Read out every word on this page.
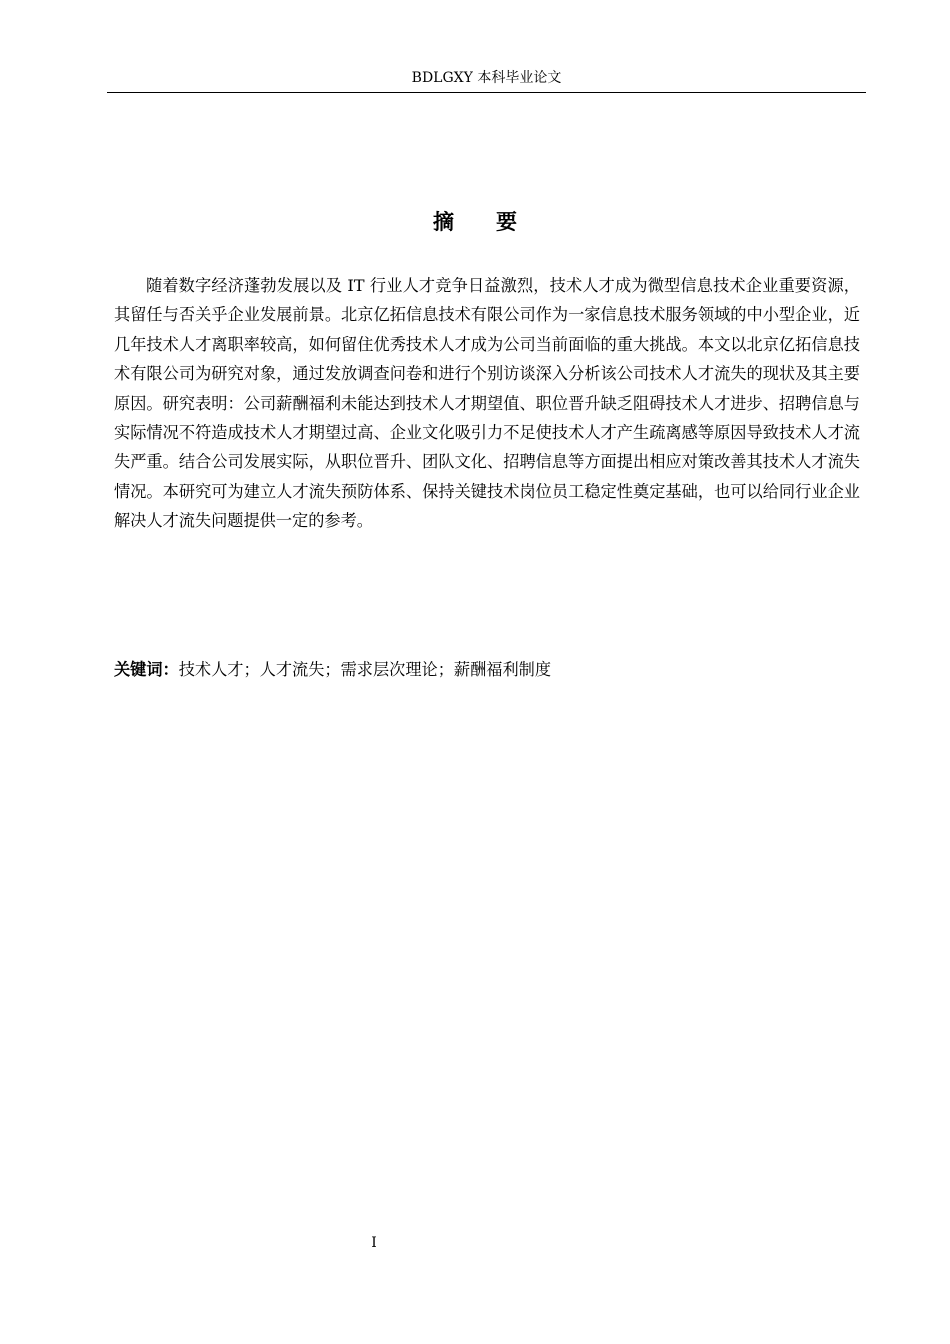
BDLGXY 本科毕业论文
摘要

随着数字经济蓬勃发展以及 IT 行业人才竞争日益激烈，技术人才成为微型信息技术企业重要资源，其留任与否关乎企业发展前景。北京亿拓信息技术有限公司作为一家信息技术服务领域的中小型企业，近几年技术人才离职率较高，如何留住优秀技术人才成为公司当前面临的重大挑战。本文以北京亿拓信息技术有限公司为研究对象，通过发放调查问卷和进行个别访谈深入分析该公司技术人才流失的现状及其主要原因。研究表明：公司薪酬福利未能达到技术人才期望值、职位晋升缺乏阻碍技术人才进步、招聘信息与实际情况不符造成技术人才期望过高、企业文化吸引力不足使技术人才产生疏离感等原因导致技术人才流失严重。结合公司发展实际，从职位晋升、团队文化、招聘信息等方面提出相应对策改善其技术人才流失情况。本研究可为建立人才流失预防体系、保持关键技术岗位员工稳定性奠定基础，也可以给同行业企业解决人才流失问题提供一定的参考。

关键词：技术人才；人才流失；需求层次理论；薪酬福利制度
I
